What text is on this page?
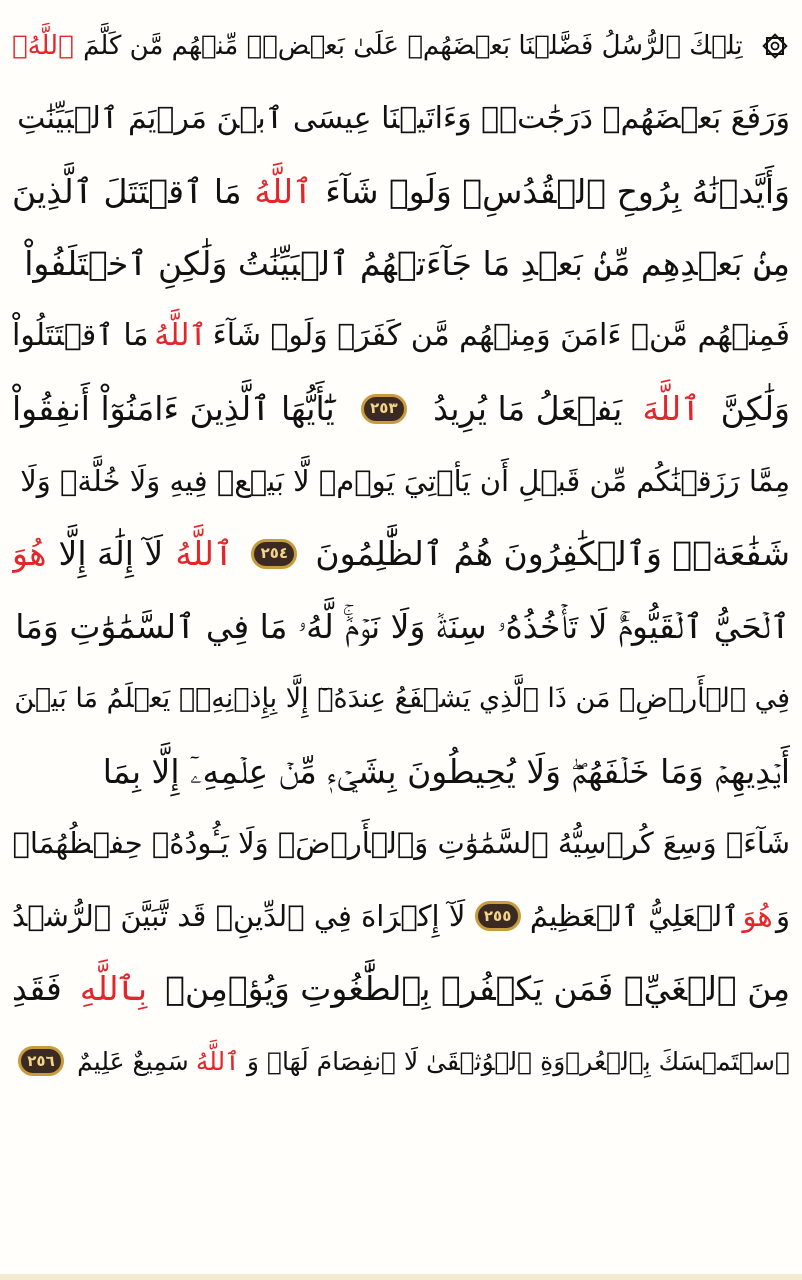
تِلۡكَ ٱلرُّسُلُ فَضَّلۡنَا بَعۡضَهُمۡ عَلَىٰ بَعۡضٖۘ مِّنۡهُم مَّن كَلَّمَ
ٱللَّهُۖ
وَرَفَعَ بَعۡضَهُمۡ دَرَجَٰتٖۚ وَءَاتَيۡنَا عِيسَى ٱبۡنَ مَرۡيَمَ ٱلۡبَيِّنَٰتِ
وَأَيَّدۡنَٰهُ بِرُوحِ ٱلۡقُدُسِۗ وَلَوۡ شَآءَ
ٱللَّهُ
مَا ٱقۡتَتَلَ ٱلَّذِينَ
مِنۢ بَعۡدِهِم مِّنۢ بَعۡدِ مَا جَآءَتۡهُمُ ٱلۡبَيِّنَٰتُ وَلَٰكِنِ ٱخۡتَلَفُواْ
فَمِنۡهُم مَّنۡ ءَامَنَ وَمِنۡهُم مَّن كَفَرَۚ وَلَوۡ شَآءَ
ٱللَّهُ
مَا ٱقۡتَتَلُواْ
وَلَٰكِنَّ
ٱللَّهَ
يَفۡعَلُ مَا يُرِيدُ
٢٥٣
يَٰٓأَيُّهَا ٱلَّذِينَ ءَامَنُوٓاْ أَنفِقُواْ
مِمَّا رَزَقۡنَٰكُم مِّن قَبۡلِ أَن يَأۡتِيَ يَوۡمٞ لَّا بَيۡعٞ فِيهِ وَلَا خُلَّةٞ وَلَا
شَفَٰعَةٞۗ وَٱلۡكَٰفِرُونَ هُمُ ٱلظَّٰلِمُونَ
٢٥٤
ٱللَّهُ
لَآ إِلَٰهَ إِلَّا
هُوَ
ٱلۡحَيُّ ٱلۡقَيُّومُۚ لَا تَأۡخُذُهُۥ سِنَةٞ وَلَا نَوۡمٞۚ لَّهُۥ مَا فِي ٱلسَّمَٰوَٰتِ وَمَا
فِي ٱلۡأَرۡضِۗ مَن ذَا ٱلَّذِي يَشۡفَعُ عِندَهُۥٓ إِلَّا بِإِذۡنِهِۦۚ يَعۡلَمُ مَا بَيۡنَ
أَيۡدِيهِمۡ وَمَا خَلۡفَهُمۡۖ وَلَا يُحِيطُونَ بِشَيۡءٖ مِّنۡ عِلۡمِهِۦٓ إِلَّا بِمَا
شَآءَۚ وَسِعَ كُرۡسِيُّهُ ٱلسَّمَٰوَٰتِ وَٱلۡأَرۡضَۖ وَلَا يَـُٔودُهُۥ حِفۡظُهُمَاۚ
وَ
هُوَ
ٱلۡعَلِيُّ ٱلۡعَظِيمُ
٢٥٥
لَآ إِكۡرَاهَ فِي ٱلدِّينِۖ قَد تَّبَيَّنَ ٱلرُّشۡدُ
مِنَ ٱلۡغَيِّۚ فَمَن يَكۡفُرۡ بِٱلطَّٰغُوتِ وَيُؤۡمِنۢ
بِٱللَّهِ
فَقَدِ
ٱسۡتَمۡسَكَ بِٱلۡعُرۡوَةِ ٱلۡوُثۡقَىٰ لَا ٱنفِصَامَ لَهَاۗ وَ
ٱللَّهُ
سَمِيعٌ عَلِيمٌ
٢٥٦
